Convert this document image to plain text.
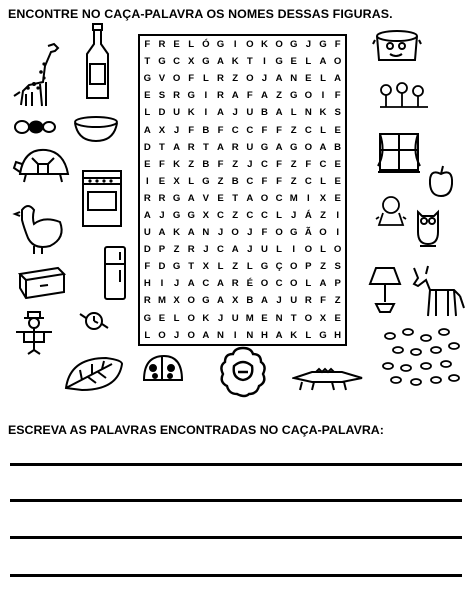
ENCONTRE NO CAÇA-PALAVRA OS NOMES DESSAS FIGURAS.
F R E L Ó G I O K O G J G F
T G C X G A K T	I G E L A O
G V O F L R Z O J A N E L A
E S R G I	R A F A Z G O I	F
L D U K	I	A J U B A L N K S
A X J F B F C C F F Z C L E
D T A R T A R U G A G O A B
E F K Z B F Z J C F Z F C E
I	E X L G Z B C F F Z C L E
R R G A V E T A O C M I	X E
A J G G X C Z C C L J Á Z	I
U A K A N J O J F O G Ã O I
D P Z R J C A J U L	I O L O
F D G T X L Z L G Ç O P Z S
H	I	J A C A R É O C O L A P
R M X O G A X B A J U R F Z
G E L O K J U M E N T O X E
L O J O A N	I	N H A K L G H
ESCREVA AS PALAVRAS ENCONTRADAS NO CAÇA-PALAVRA:
